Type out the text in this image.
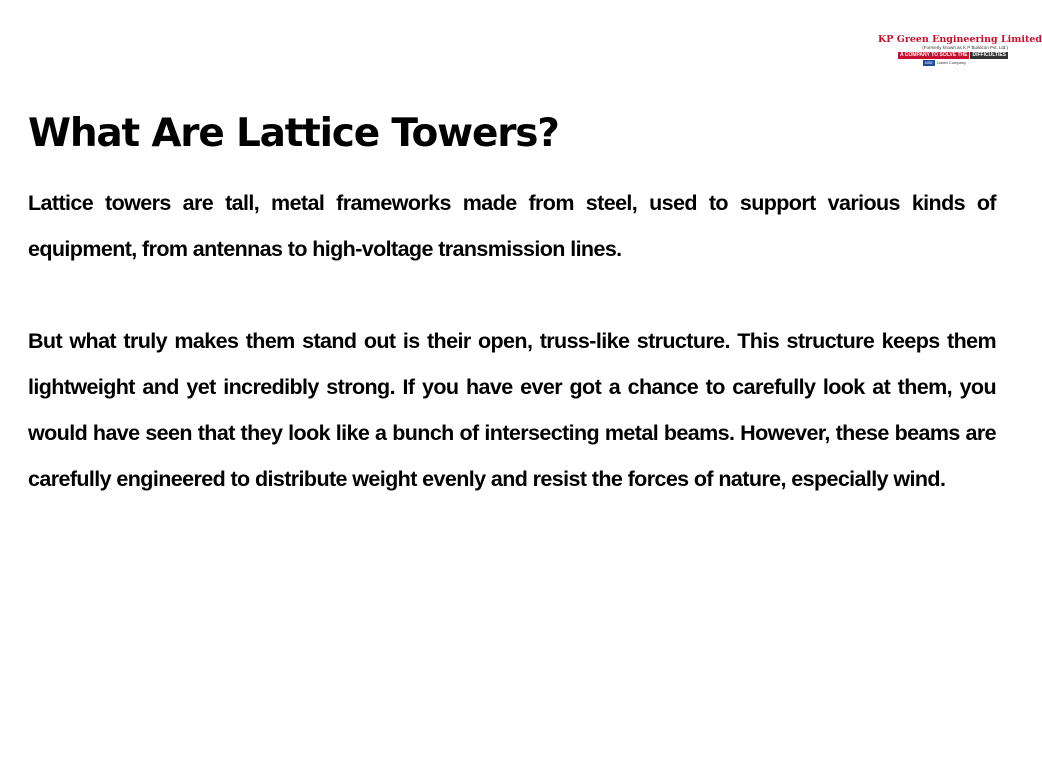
KP Green Engineering Limited
(Formerly known as K P Buildcon Pvt. Ltd.)
A COMPANY TO SOLVE THE	DIFFICULTIES
NSE	Listed Company
What Are Lattice Towers?

Lattice towers are tall, metal frameworks made from steel, used to support various kinds of equipment, from antennas to high-voltage transmission lines.

But what truly makes them stand out is their open, truss-like structure. This structure keeps them lightweight and yet incredibly strong. If you have ever got a chance to carefully look at them, you would have seen that they look like a bunch of intersecting metal beams. However, these beams are carefully engineered to distribute weight evenly and resist the forces of nature, especially wind.
